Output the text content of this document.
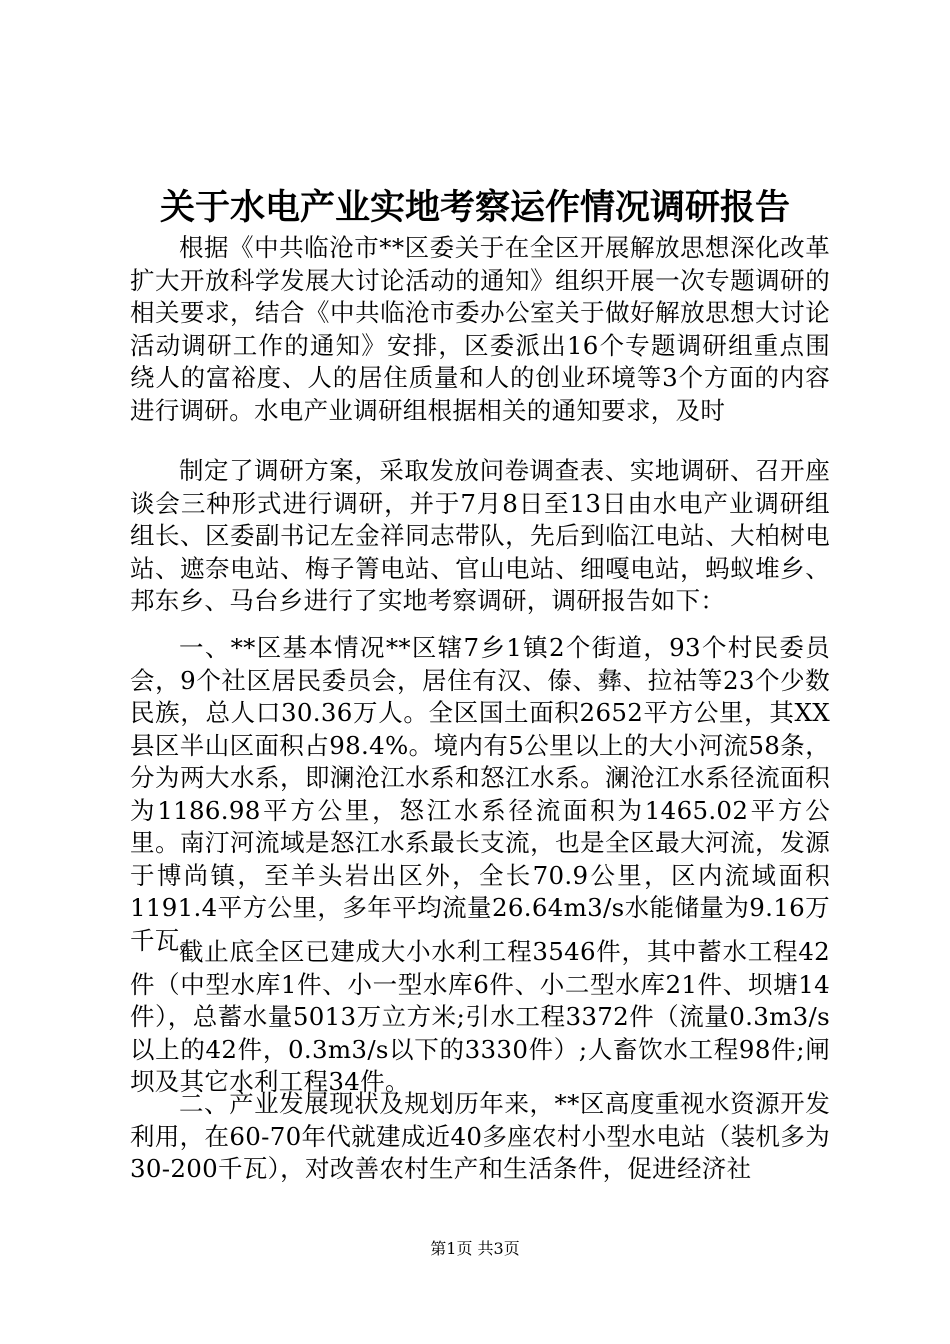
关于水电产业实地考察运作情况调研报告

根据《中共临沧市**区委关于在全区开展解放思想深化改革扩大开放科学发展大讨论活动的通知》组织开展一次专题调研的相关要求，结合《中共临沧市委办公室关于做好解放思想大讨论活动调研工作的通知》安排，区委派出16个专题调研组重点围绕人的富裕度、人的居住质量和人的创业环境等3个方面的内容进行调研。水电产业调研组根据相关的通知要求，及时

制定了调研方案，采取发放问卷调查表、实地调研、召开座谈会三种形式进行调研，并于7月8日至13日由水电产业调研组组长、区委副书记左金祥同志带队，先后到临江电站、大柏树电站、遮奈电站、梅子箐电站、官山电站、细嘎电站，蚂蚁堆乡、邦东乡、马台乡进行了实地考察调研，调研报告如下：

一、**区基本情况**区辖7乡1镇2个街道，93个村民委员会，9个社区居民委员会，居住有汉、傣、彝、拉祜等23个少数民族，总人口30.36万人。全区国土面积2652平方公里，其XX县区半山区面积占98.4%。境内有5公里以上的大小河流58条，分为两大水系，即澜沧江水系和怒江水系。澜沧江水系径流面积为1186.98平方公里，怒江水系径流面积为1465.02平方公里。南汀河流域是怒江水系最长支流，也是全区最大河流，发源于博尚镇，至羊头岩出区外，全长70.9公里，区内流域面积1191.4平方公里，多年平均流量26.64m3/s水能储量为9.16万千瓦。

截止底全区已建成大小水利工程3546件，其中蓄水工程42件（中型水库1件、小一型水库6件、小二型水库21件、坝塘14件），总蓄水量5013万立方米;引水工程3372件（流量0.3m3/s以上的42件，0.3m3/s以下的3330件）;人畜饮水工程98件;闸坝及其它水利工程34件。

二、产业发展现状及规划历年来，**区高度重视水资源开发利用，在60-70年代就建成近40多座农村小型水电站（装机多为30-200千瓦），对改善农村生产和生活条件，促进经济社

第1页 共3页
